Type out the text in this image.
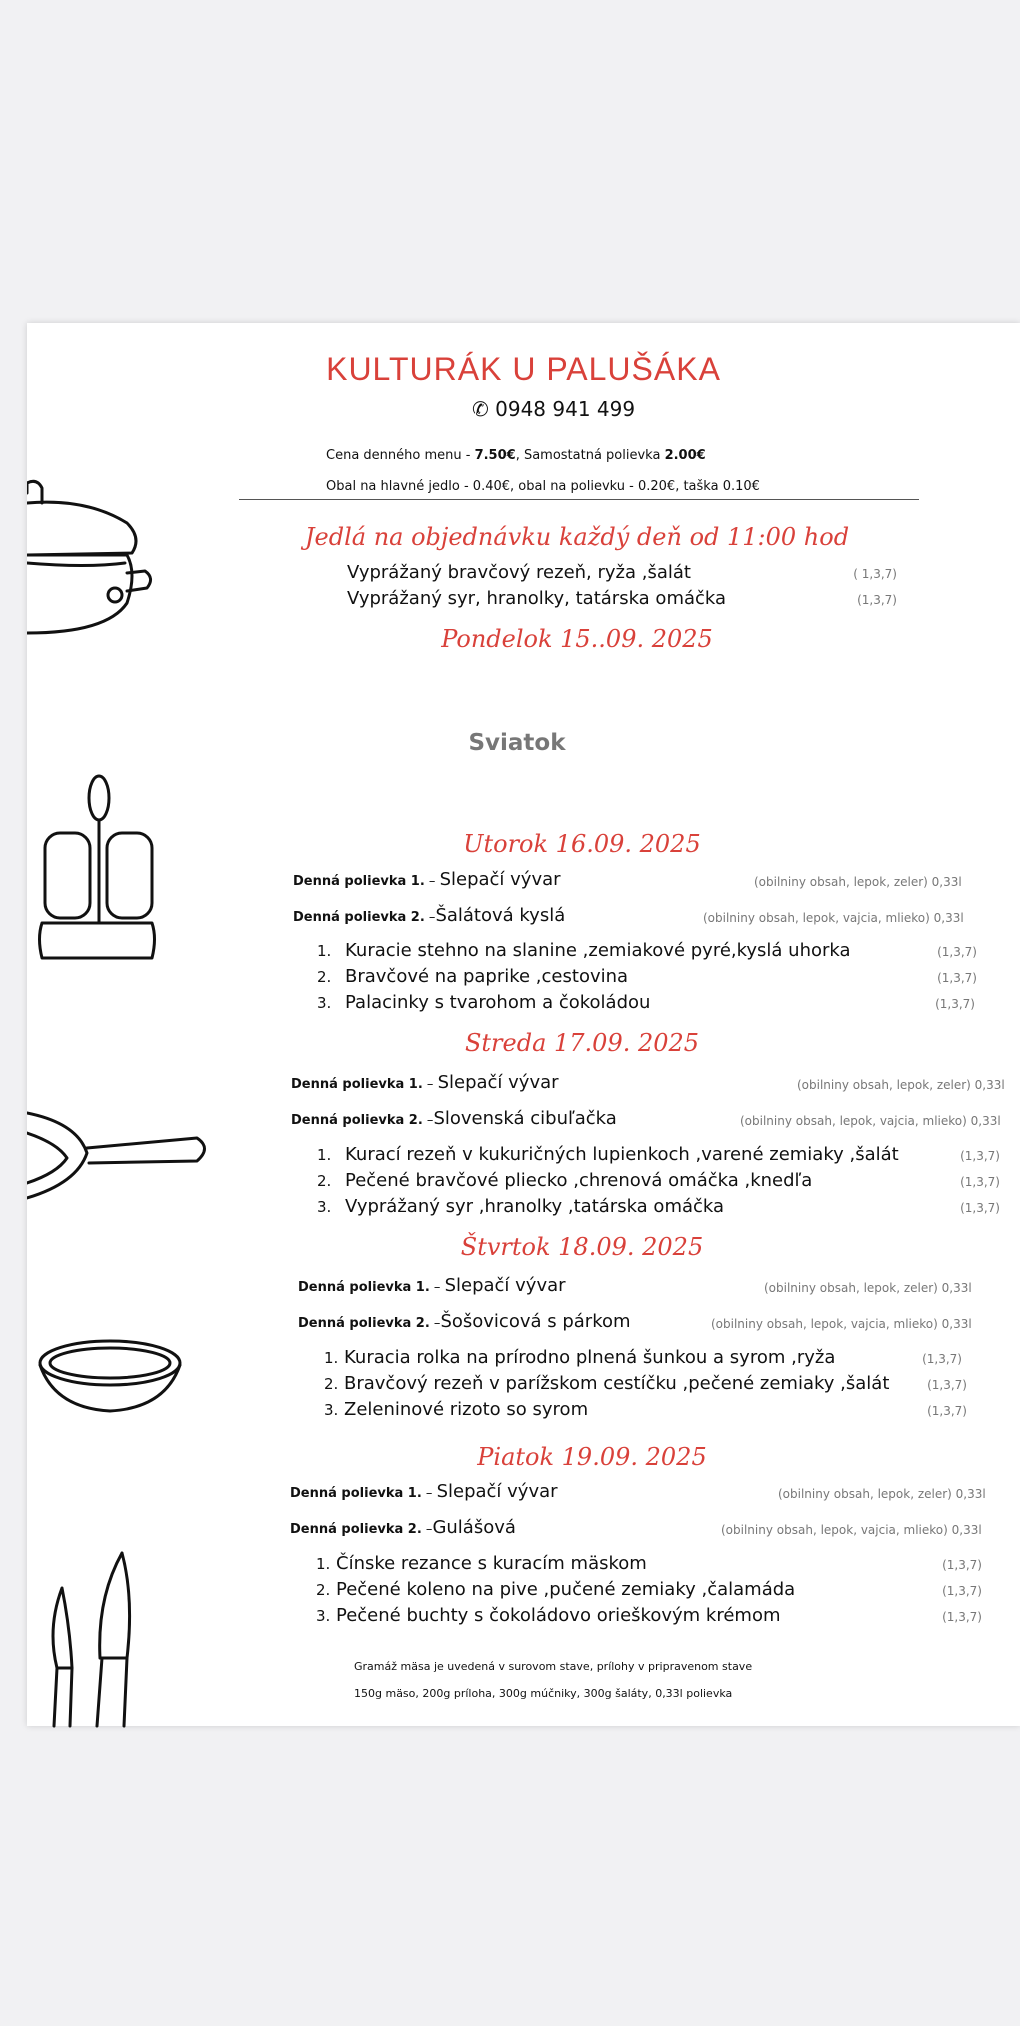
KULTURÁK U PALUŠÁKA
✆ 0948 941 499
Cena denného menu - 7.50€, Samostatná polievka 2.00€
Obal na hlavné jedlo - 0.40€, obal na polievku - 0.20€, taška 0.10€
Jedlá na objednávku každý deň od 11:00 hod
Vyprážaný bravčový rezeň, ryža ,šalát	( 1,3,7)
Vyprážaný syr, hranolky, tatárska omáčka	(1,3,7)
Pondelok 15..09. 2025
Sviatok
Utorok 16.09. 2025
Denná polievka 1. – Slepačí vývar	(obilniny obsah, lepok, zeler) 0,33l
Denná polievka 2. –Šalátová kyslá	(obilniny obsah, lepok, vajcia, mlieko) 0,33l
1. Kuracie stehno na slanine ,zemiakové pyré,kyslá uhorka	(1,3,7)
2. Bravčové na paprike ,cestovina	(1,3,7)
3. Palacinky s tvarohom a čokoládou	(1,3,7)
Streda 17.09. 2025
Denná polievka 1. – Slepačí vývar	(obilniny obsah, lepok, zeler) 0,33l
Denná polievka 2. –Slovenská cibuľačka	(obilniny obsah, lepok, vajcia, mlieko) 0,33l
1. Kurací rezeň v kukuričných lupienkoch ,varené zemiaky ,šalát	(1,3,7)
2. Pečené bravčové pliecko ,chrenová omáčka ,knedľa	(1,3,7)
3. Vyprážaný syr ,hranolky ,tatárska omáčka	(1,3,7)
Štvrtok 18.09. 2025
Denná polievka 1. – Slepačí vývar	(obilniny obsah, lepok, zeler) 0,33l
Denná polievka 2. –Šošovicová s párkom	(obilniny obsah, lepok, vajcia, mlieko) 0,33l
1. Kuracia rolka na prírodno plnená šunkou a syrom ,ryža	(1,3,7)
2. Bravčový rezeň v parížskom cestíčku ,pečené zemiaky ,šalát	(1,3,7)
3. Zeleninové rizoto so syrom	(1,3,7)
Piatok 19.09. 2025
Denná polievka 1. – Slepačí vývar	(obilniny obsah, lepok, zeler) 0,33l
Denná polievka 2. –Gulášová	(obilniny obsah, lepok, vajcia, mlieko) 0,33l
1. Čínske rezance s kuracím mäskom	(1,3,7)
2. Pečené koleno na pive ,pučené zemiaky ,čalamáda	(1,3,7)
3. Pečené buchty s čokoládovo orieškovým krémom	(1,3,7)
Gramáž mäsa je uvedená v surovom stave, prílohy v pripravenom stave
150g mäso, 200g príloha, 300g múčniky, 300g šaláty, 0,33l polievka
